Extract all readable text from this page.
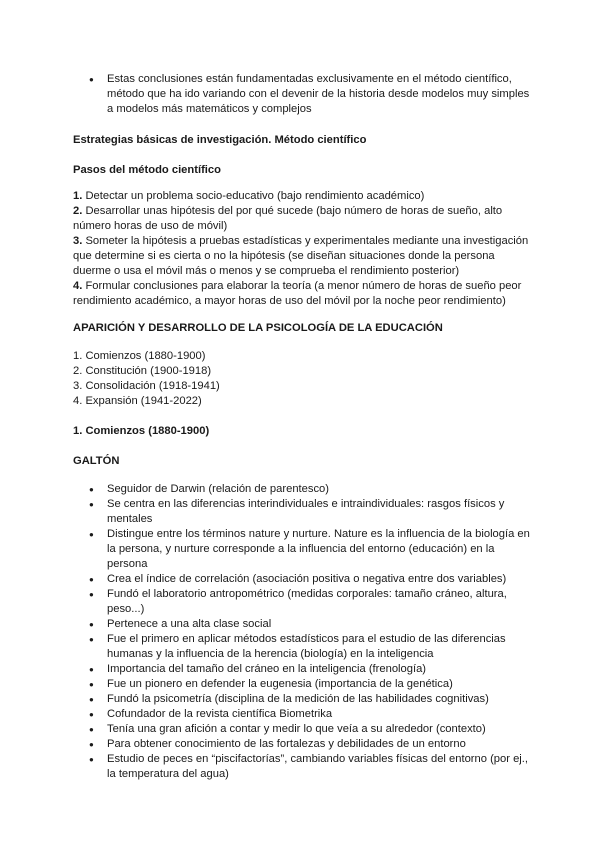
● Estas conclusiones están fundamentadas exclusivamente en el método científico, método que ha ido variando con el devenir de la historia desde modelos muy simples a modelos más matemáticos y complejos
Estrategias básicas de investigación. Método científico
Pasos del método científico
1. Detectar un problema socio-educativo (bajo rendimiento académico)
2. Desarrollar unas hipótesis del por qué sucede (bajo número de horas de sueño, alto número horas de uso de móvil)
3. Someter la hipótesis a pruebas estadísticas y experimentales mediante una investigación que determine si es cierta o no la hipótesis (se diseñan situaciones donde la persona duerme o usa el móvil más o menos y se comprueba el rendimiento posterior)
4. Formular conclusiones para elaborar la teoría (a menor número de horas de sueño peor rendimiento académico, a mayor horas de uso del móvil por la noche peor rendimiento)
APARICIÓN Y DESARROLLO DE LA PSICOLOGÍA DE LA EDUCACIÓN
1. Comienzos (1880-1900)
2. Constitución (1900-1918)
3. Consolidación (1918-1941)
4. Expansión (1941-2022)
1. Comienzos (1880-1900)
GALTÓN
● Seguidor de Darwin (relación de parentesco)
● Se centra en las diferencias interindividuales e intraindividuales: rasgos físicos y mentales
● Distingue entre los términos nature y nurture. Nature es la influencia de la biología en la persona, y nurture corresponde a la influencia del entorno (educación) en la persona
● Crea el índice de correlación (asociación positiva o negativa entre dos variables)
● Fundó el laboratorio antropométrico (medidas corporales: tamaño cráneo, altura, peso...)
● Pertenece a una alta clase social
● Fue el primero en aplicar métodos estadísticos para el estudio de las diferencias humanas y la influencia de la herencia (biología) en la inteligencia
● Importancia del tamaño del cráneo en la inteligencia (frenología)
● Fue un pionero en defender la eugenesia (importancia de la genética)
● Fundó la psicometría (disciplina de la medición de las habilidades cognitivas)
● Cofundador de la revista científica Biometrika
● Tenía una gran afición a contar y medir lo que veía a su alrededor (contexto)
● Para obtener conocimiento de las fortalezas y debilidades de un entorno
● Estudio de peces en “piscifactorías”, cambiando variables físicas del entorno (por ej., la temperatura del agua)
